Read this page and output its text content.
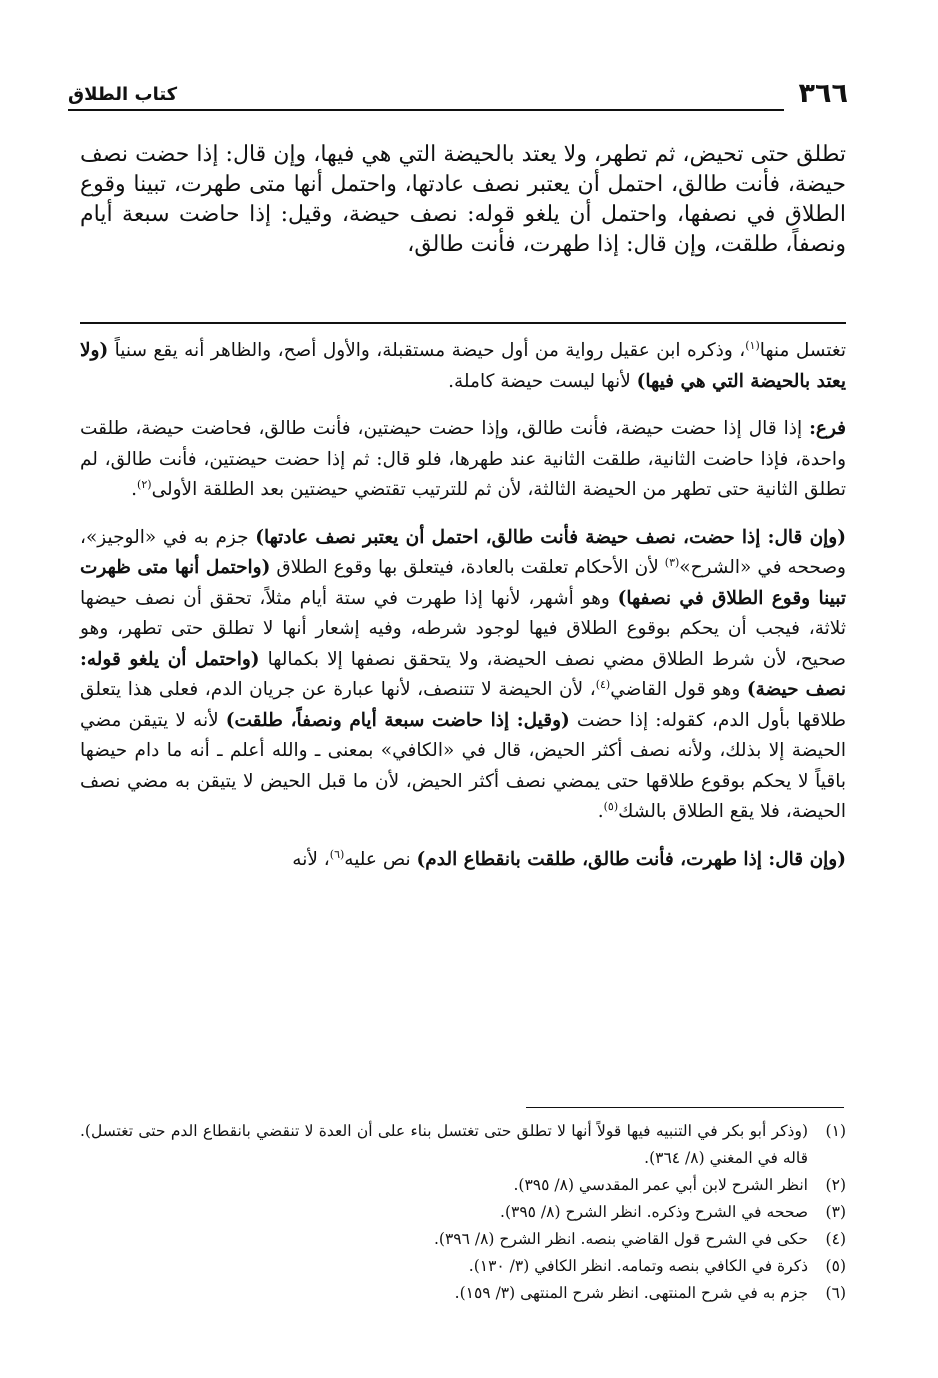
٣٦٦
كتاب الطلاق
تطلق حتى تحيض، ثم تطهر، ولا يعتد بالحيضة التي هي فيها، وإن قال: إذا حضت نصف حيضة، فأنت طالق، احتمل أن يعتبر نصف عادتها، واحتمل أنها متى طهرت، تبينا وقوع الطلاق في نصفها، واحتمل أن يلغو قوله: نصف حيضة، وقيل: إذا حاضت سبعة أيام ونصفاً، طلقت، وإن قال: إذا طهرت، فأنت طالق،

تغتسل منها$^{(١)}$، وذكره ابن عقيل رواية من أول حيضة مستقبلة، والأول أصح، والظاهر أنه يقع سنياً (ولا يعتد بالحيضة التي هي فيها) لأنها ليست حيضة كاملة.

فرع: إذا قال إذا حضت حيضة، فأنت طالق، وإذا حضت حيضتين، فأنت طالق، فحاضت حيضة، طلقت واحدة، فإذا حاضت الثانية، طلقت الثانية عند طهرها، فلو قال: ثم إذا حضت حيضتين، فأنت طالق، لم تطلق الثانية حتى تطهر من الحيضة الثالثة، لأن ثم للترتيب تقتضي حيضتين بعد الطلقة الأولى$^{(٢)}$.

(وإن قال: إذا حضت، نصف حيضة فأنت طالق، احتمل أن يعتبر نصف عادتها) جزم به في «الوجيز»، وصححه في «الشرح»$^{(٣)}$ لأن الأحكام تعلقت بالعادة، فيتعلق بها وقوع الطلاق (واحتمل أنها متى ظهرت تبينا وقوع الطلاق في نصفها) وهو أشهر، لأنها إذا طهرت في ستة أيام مثلاً، تحقق أن نصف حيضها ثلاثة، فيجب أن يحكم بوقوع الطلاق فيها لوجود شرطه، وفيه إشعار أنها لا تطلق حتى تطهر، وهو صحيح، لأن شرط الطلاق مضي نصف الحيضة، ولا يتحقق نصفها إلا بكمالها (واحتمل أن يلغو قوله: نصف حيضة) وهو قول القاضي$^{(٤)}$، لأن الحيضة لا تتنصف، لأنها عبارة عن جريان الدم، فعلى هذا يتعلق طلاقها بأول الدم، كقوله: إذا حضت (وقيل: إذا حاضت سبعة أيام ونصفاً، طلقت) لأنه لا يتيقن مضي الحيضة إلا بذلك، ولأنه نصف أكثر الحيض، قال في «الكافي» بمعنى ـ والله أعلم ـ أنه ما دام حيضها باقياً لا يحكم بوقوع طلاقها حتى يمضي نصف أكثر الحيض، لأن ما قبل الحيض لا يتيقن به مضي نصف الحيضة، فلا يقع الطلاق بالشك$^{(٥)}$.

(وإن قال: إذا طهرت، فأنت طالق، طلقت بانقطاع الدم) نص عليه$^{(٦)}$، لأنه

(١)
(وذكر أبو بكر في التنبيه فيها قولاً أنها لا تطلق حتى تغتسل بناء على أن العدة لا تنقضي بانقطاع الدم حتى تغتسل). قاله في المغني (٨/ ٣٦٤).
(٢)
انظر الشرح لابن أبي عمر المقدسي (٨/ ٣٩٥).
(٣)
صححه في الشرح وذكره. انظر الشرح (٨/ ٣٩٥).
(٤)
حكى في الشرح قول القاضي بنصه. انظر الشرح (٨/ ٣٩٦).
(٥)
ذكرة في الكافي بنصه وتمامه. انظر الكافي (٣/ ١٣٠).
(٦)
جزم به في شرح المنتهى. انظر شرح المنتهى (٣/ ١٥٩).
